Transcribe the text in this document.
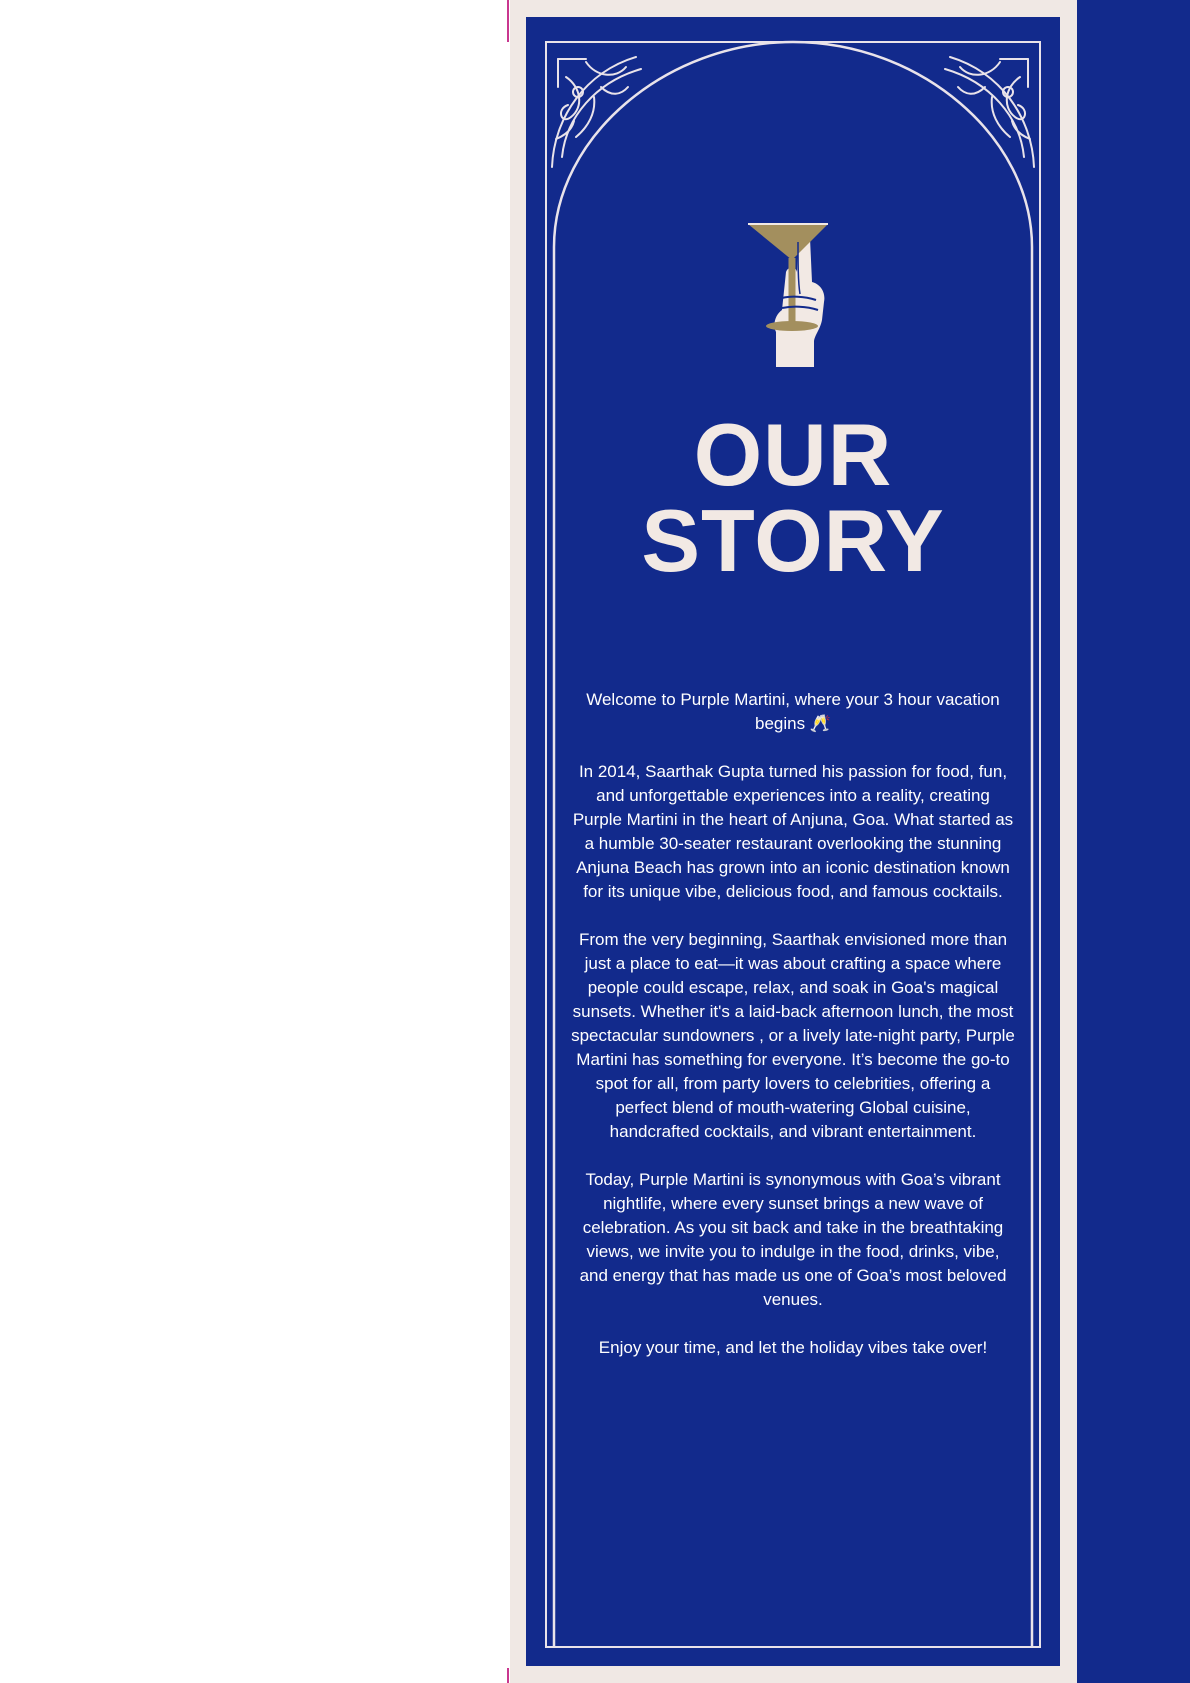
OUR
STORY

Welcome to Purple Martini, where your 3 hour vacation begins 🥂

In 2014, Saarthak Gupta turned his passion for food, fun, and unforgettable experiences into a reality, creating Purple Martini in the heart of Anjuna, Goa. What started as a humble 30-seater restaurant overlooking the stunning Anjuna Beach has grown into an iconic destination known for its unique vibe, delicious food, and famous cocktails.

From the very beginning, Saarthak envisioned more than just a place to eat—it was about crafting a space where people could escape, relax, and soak in Goa's magical sunsets. Whether it's a laid-back afternoon lunch, the most spectacular sundowners , or a lively late-night party, Purple Martini has something for everyone. It’s become the go-to spot for all, from party lovers to celebrities, offering a perfect blend of mouth-watering Global cuisine, handcrafted cocktails, and vibrant entertainment.

Today, Purple Martini is synonymous with Goa’s vibrant nightlife, where every sunset brings a new wave of celebration. As you sit back and take in the breathtaking views, we invite you to indulge in the food, drinks, vibe, and energy that has made us one of Goa’s most beloved venues.

Enjoy your time, and let the holiday vibes take over!
